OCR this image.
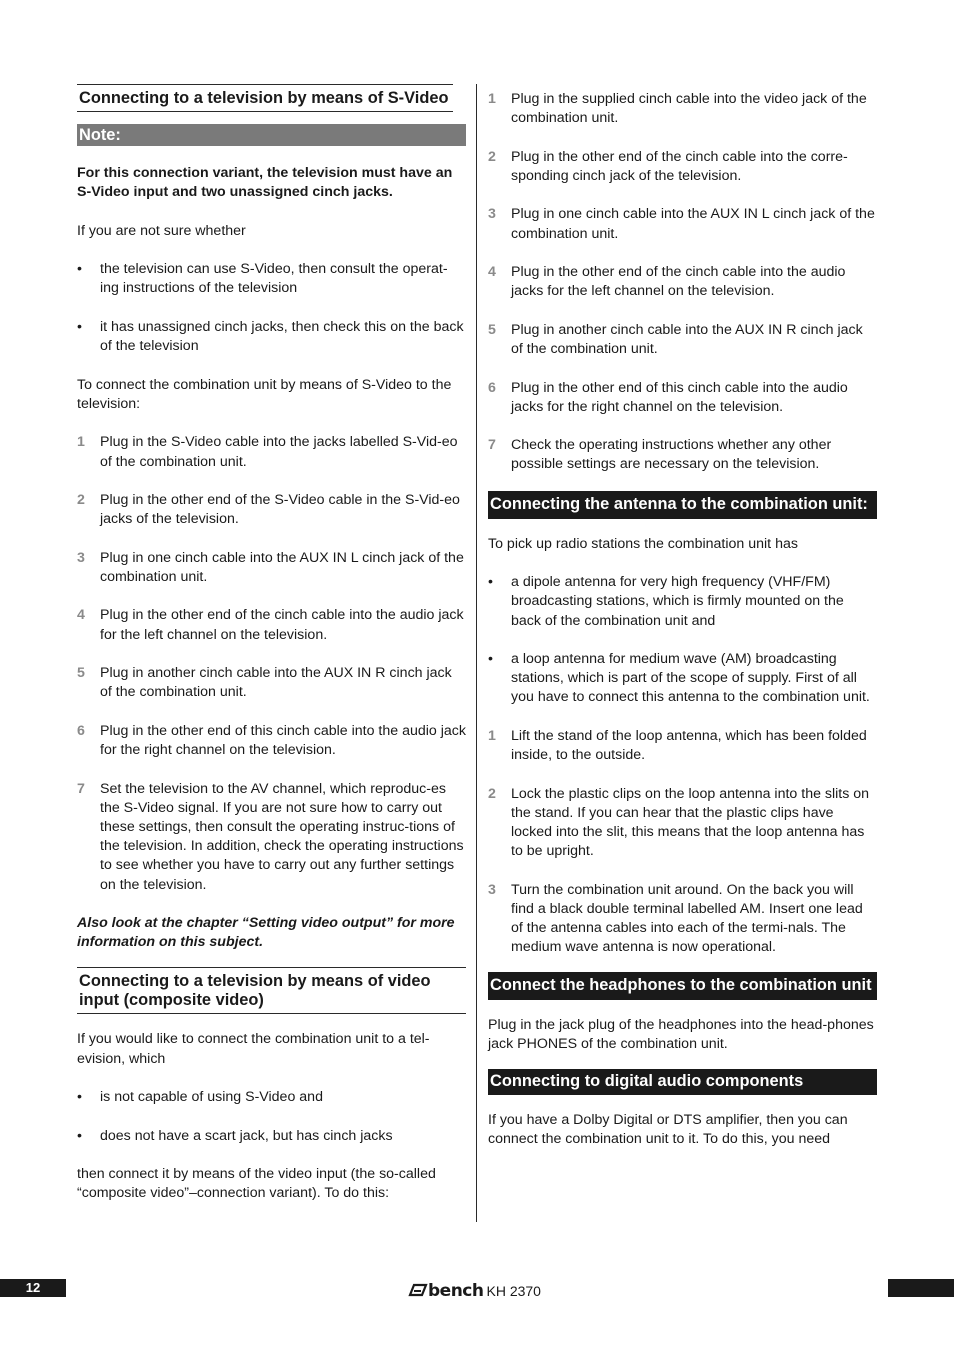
Connecting to a television by means of S-Video
Note:

For this connection variant, the television must have an S-Video input and two unassigned cinch jacks.

If you are not sure whether

• the television can use S-Video, then consult the operat-ing instructions of the television
• it has unassigned cinch jacks, then check this on the back of the television

To connect the combination unit by means of S-Video to the television:

1 Plug in the S-Video cable into the jacks labelled S-Vid-eo of the combination unit.
2 Plug in the other end of the S-Video cable in the S-Vid-eo jacks of the television.
3 Plug in one cinch cable into the AUX IN L cinch jack of the combination unit.
4 Plug in the other end of the cinch cable into the audio jack for the left channel on the television.
5 Plug in another cinch cable into the AUX IN R cinch jack of the combination unit.
6 Plug in the other end of this cinch cable into the audio jack for the right channel on the television.
7 Set the television to the AV channel, which reproduc-es the S-Video signal. If you are not sure how to carry out these settings, then consult the operating instruc-tions of the television. In addition, check the operating instructions to see whether you have to carry out any further settings on the television.

Also look at the chapter “Setting video output” for more information on this subject.

Connecting to a television by means of video input (composite video)

If you would like to connect the combination unit to a tel-evision, which

• is not capable of using S-Video and
• does not have a scart jack, but has cinch jacks

then connect it by means of the video input (the so-called “composite video”–connection variant). To do this:

1 Plug in the supplied cinch cable into the video jack of the combination unit.
2 Plug in the other end of the cinch cable into the corre-sponding cinch jack of the television.
3 Plug in one cinch cable into the AUX IN L cinch jack of the combination unit.
4 Plug in the other end of the cinch cable into the audio jacks for the left channel on the television.
5 Plug in another cinch cable into the AUX IN R cinch jack of the combination unit.
6 Plug in the other end of this cinch cable into the audio jacks for the right channel on the television.
7 Check the operating instructions whether any other possible settings are necessary on the television.
Connecting the antenna to the combination unit:

To pick up radio stations the combination unit has

• a dipole antenna for very high frequency (VHF/FM) broadcasting stations, which is firmly mounted on the back of the combination unit and
• a loop antenna for medium wave (AM) broadcasting stations, which is part of the scope of supply. First of all you have to connect this antenna to the combination unit.
1 Lift the stand of the loop antenna, which has been folded inside, to the outside.
2 Lock the plastic clips on the loop antenna into the slits on the stand. If you can hear that the plastic clips have locked into the slit, this means that the loop antenna has to be upright.
3 Turn the combination unit around. On the back you will find a black double terminal labelled AM. Insert one lead of the antenna cables into each of the termi-nals. The medium wave antenna is now operational.
Connect the headphones to the combination unit

Plug in the jack plug of the headphones into the head-phones jack PHONES of the combination unit.

Connecting to digital audio components

If you have a Dolby Digital or DTS amplifier, then you can connect the combination unit to it. To do this, you need

12	bench KH 2370
